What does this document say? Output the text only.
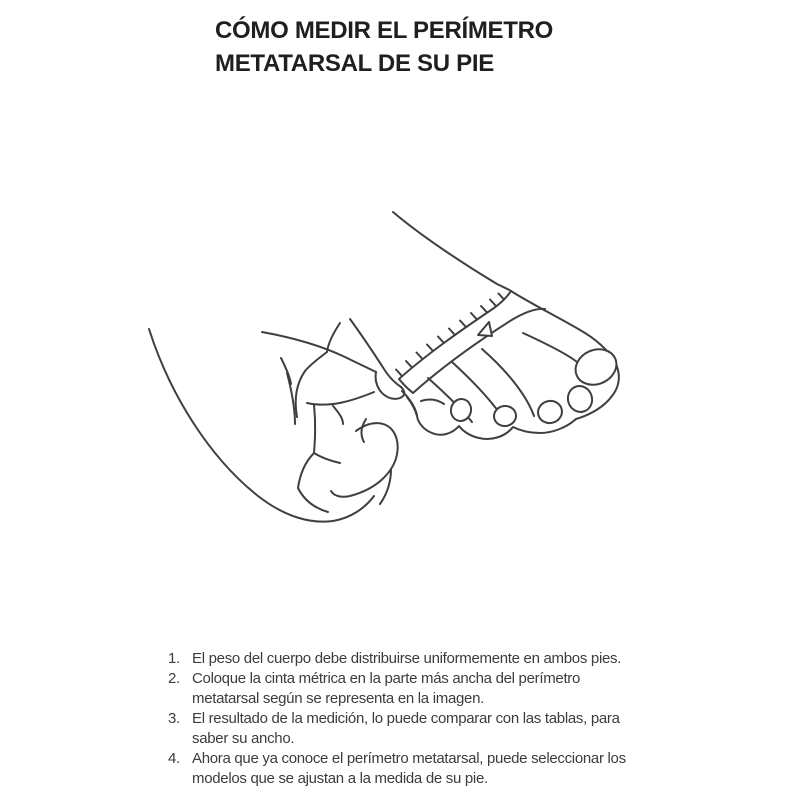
CÓMO MEDIR EL PERÍMETRO METATARSAL DE SU PIE
El peso del cuerpo debe distribuirse uniformemente en ambos pies.
Coloque la cinta métrica en la parte más ancha del perímetro metatarsal según se representa en la imagen.
El resultado de la medición, lo puede comparar con las tablas, para saber su ancho.
Ahora que ya conoce el perímetro metatarsal, puede seleccionar los modelos que se ajustan a la medida de su pie.
